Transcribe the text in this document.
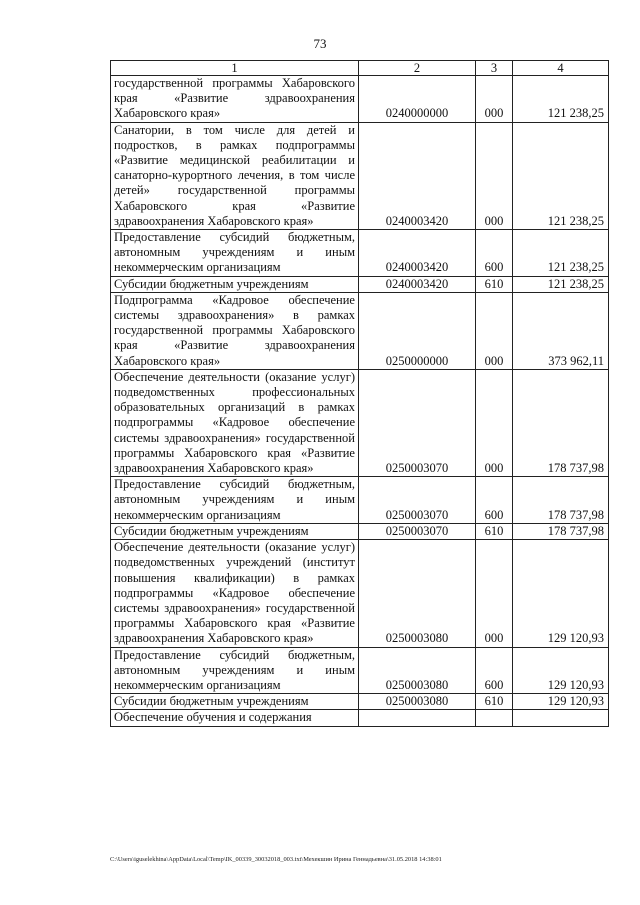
73
1	2	3	4
государственной программы Хабаровского края «Развитие здравоохранения Хабаровского края»	0240000000	000	121 238,25
Санатории, в том числе для детей и подростков, в рамках подпрограммы «Развитие медицинской реабилитации и санаторно-курортного лечения, в том числе детей» государственной программы Хабаровского края «Развитие здравоохранения Хабаровского края»	0240003420	000	121 238,25
Предоставление субсидий бюджетным, автономным учреждениям и иным некоммерческим организациям	0240003420	600	121 238,25
Субсидии бюджетным учреждениям	0240003420	610	121 238,25
Подпрограмма «Кадровое обеспечение системы здравоохранения» в рамках государственной программы Хабаровского края «Развитие здравоохранения Хабаровского края»	0250000000	000	373 962,11
Обеспечение деятельности (оказание услуг) подведомственных профессиональных образовательных организаций в рамках подпрограммы «Кадровое обеспечение системы здравоохранения» государственной программы Хабаровского края «Развитие здравоохранения Хабаровского края»	0250003070	000	178 737,98
Предоставление субсидий бюджетным, автономным учреждениям и иным некоммерческим организациям	0250003070	600	178 737,98
Субсидии бюджетным учреждениям	0250003070	610	178 737,98
Обеспечение деятельности (оказание услуг) подведомственных учреждений (институт повышения квалификации) в рамках подпрограммы «Кадровое обеспечение системы здравоохранения» государственной программы Хабаровского края «Развитие здравоохранения Хабаровского края»	0250003080	000	129 120,93
Предоставление субсидий бюджетным, автономным учреждениям и иным некоммерческим организациям	0250003080	600	129 120,93
Субсидии бюджетным учреждениям	0250003080	610	129 120,93
Обеспечение обучения и содержания			
C:\Users\iguselekhina\AppData\Local\Temp\IK_00339_30032018_003.txt\Мехекшин Ирина Геннадьевна\31.05.2018 14:38:01
